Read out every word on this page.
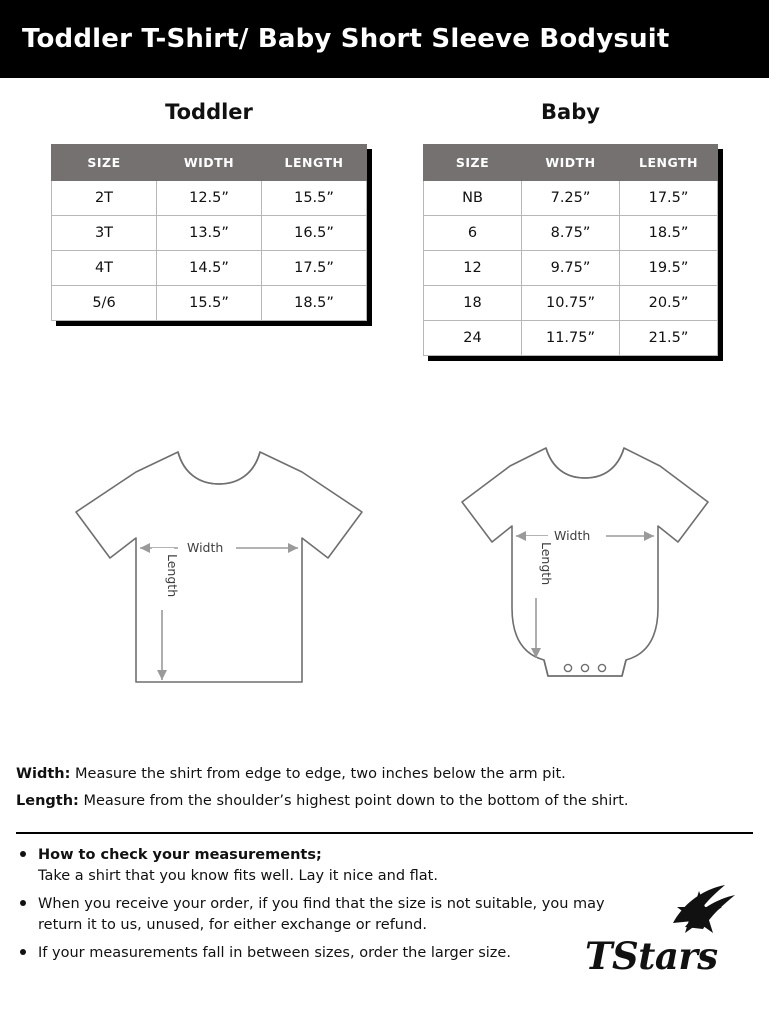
Toddler T-Shirt/ Baby Short Sleeve Bodysuit
Toddler
SIZE	WIDTH	LENGTH
2T	12.5”	15.5”
3T	13.5”	16.5”
4T	14.5”	17.5”
5/6	15.5”	18.5”
Baby
SIZE	WIDTH	LENGTH
NB	7.25”	17.5”
6	8.75”	18.5”
12	9.75”	19.5”
18	10.75”	20.5”
24	11.75”	21.5”
Width
Length
Width
Length
Width: Measure the shirt from edge to edge, two inches below the arm pit.
Length: Measure from the shoulder’s highest point down to the bottom of the shirt.
How to check your measurements;
Take a shirt that you know fits well. Lay it nice and flat.
When you receive your order, if you find that the size is not suitable, you may return it to us, unused, for either exchange or refund.
If your measurements fall in between sizes, order the larger size.	TStars
